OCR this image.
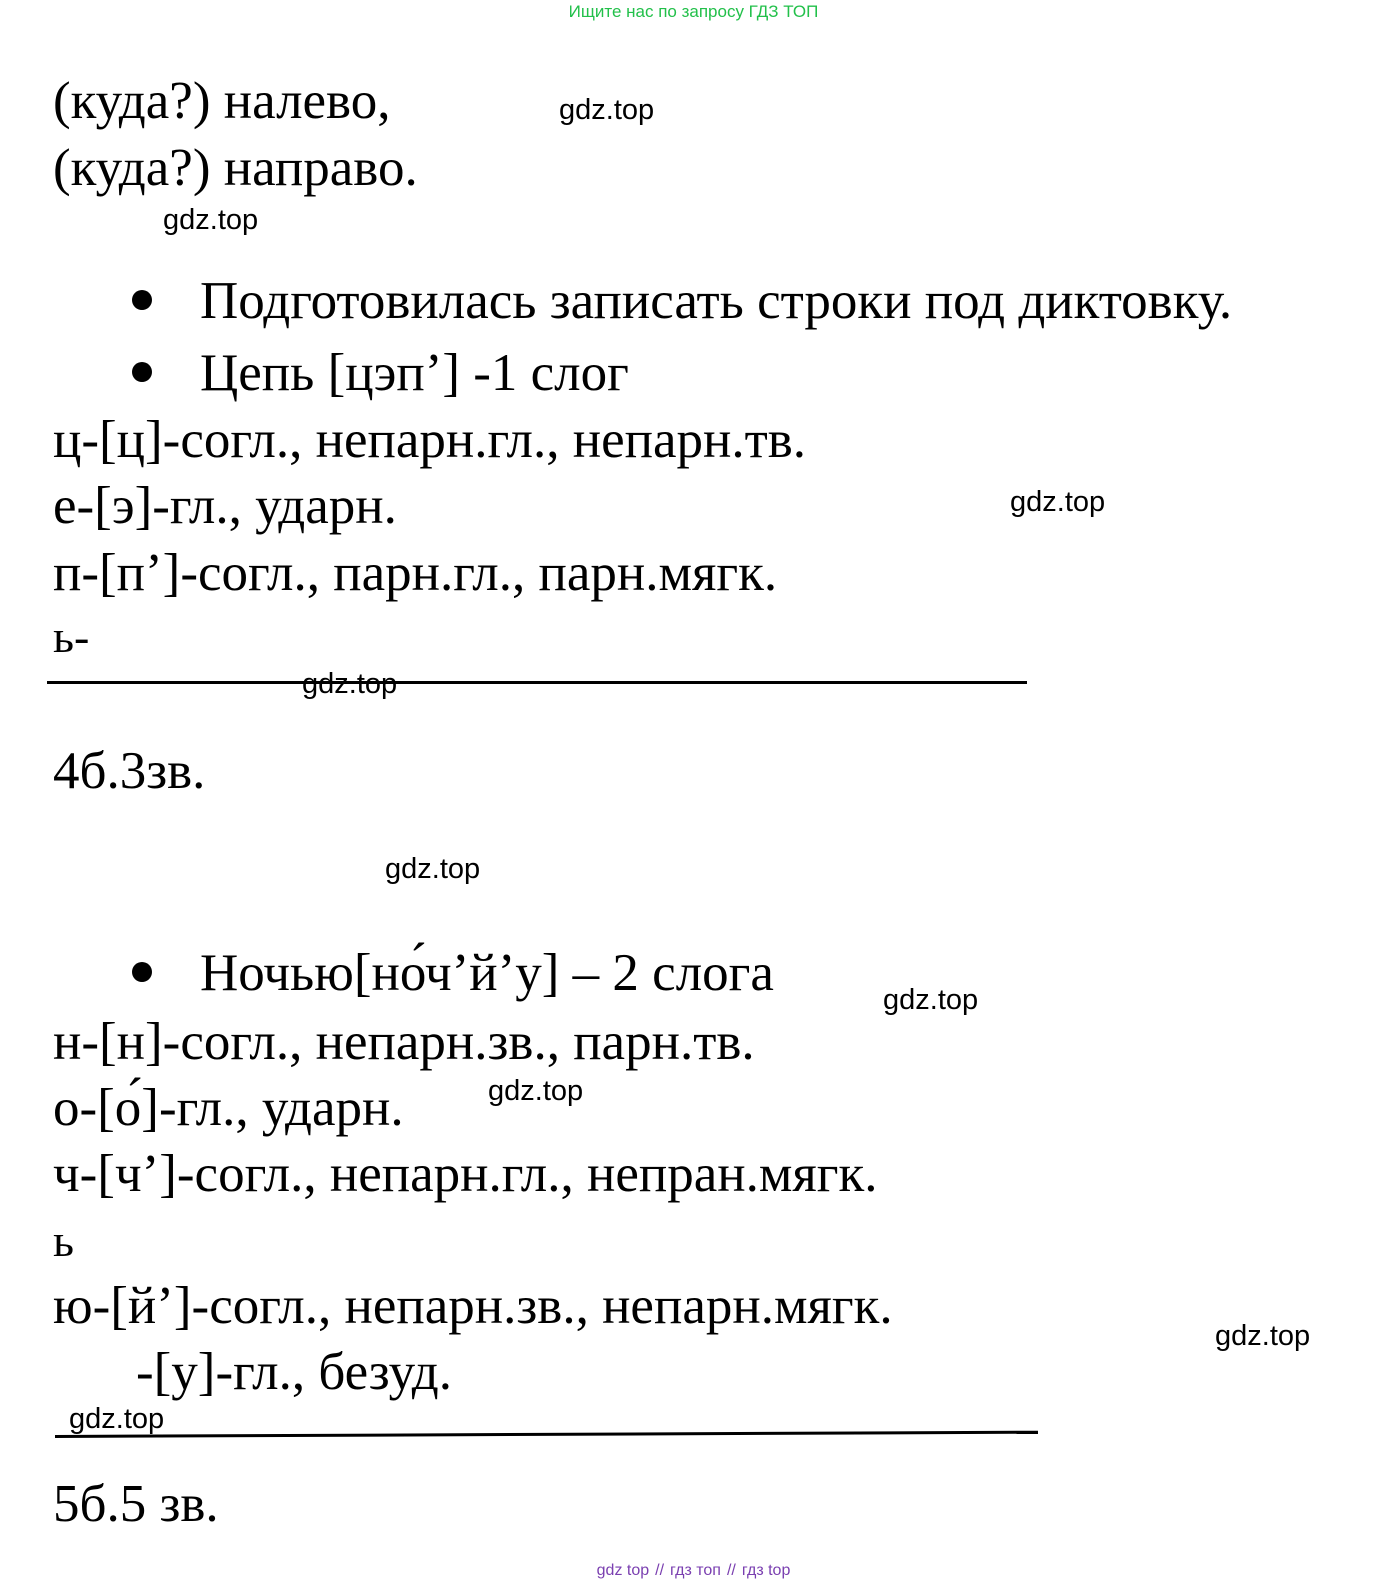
Ищите нас по запросу ГДЗ ТОП
(куда?) налево,
(куда?) направо.
Подготовилась записать строки под диктовку.
Цепь [цэп’] -1 слог
ц-[ц]-согл., непарн.гл., непарн.тв.
е-[э]-гл., ударн.
п-[п’]-согл., парн.гл., парн.мягк.
ь-
4б.3зв.
Ночью[но́ч’й’у] – 2 слога
н-[н]-согл., непарн.зв., парн.тв.
о-[о́]-гл., ударн.
ч-[ч’]-согл., непарн.гл., непран.мягк.
ь
ю-[й’]-согл., непарн.зв., непарн.мягк.
-[у]-гл., безуд.
5б.5 зв.
gdz.top
gdz.top
gdz.top
gdz.top
gdz.top
gdz.top
gdz.top
gdz.top
gdz.top
gdz top // гдз топ // гдз top
